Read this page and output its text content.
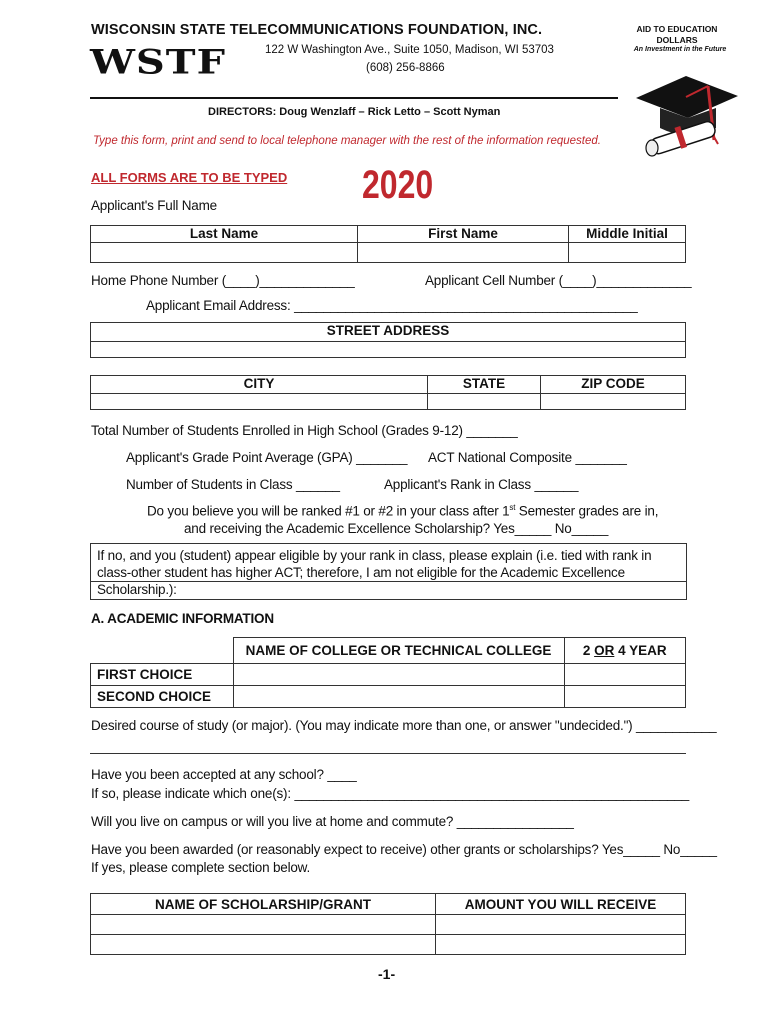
WISCONSIN STATE TELECOMMUNICATIONS FOUNDATION, INC.
WSTF	122 W Washington Ave., Suite 1050, Madison, WI 53703
(608) 256-8866
DIRECTORS: Doug Wenzlaff – Rick Letto – Scott Nyman
Type this form, print and send to local telephone manager with the rest of the information requested.
AID TO EDUCATION
DOLLARS
An Investment in the Future
ALL FORMS ARE TO BE TYPED 2020
Applicant's Full Name
Last Name	First Name	Middle Initial

Home Phone Number (____)_____________	Applicant Cell Number (____)_____________
Applicant Email Address: _______________________________________________
STREET ADDRESS

CITY	STATE	ZIP CODE

Total Number of Students Enrolled in High School (Grades 9-12) _______
Applicant's Grade Point Average (GPA) _______ ACT National Composite _______
Number of Students in Class ______	Applicant's Rank in Class ______
Do you believe you will be ranked #1 or #2 in your class after 1st Semester grades are in,
and receiving the Academic Excellence Scholarship? Yes_____ No_____
If no, and you (student) appear eligible by your rank in class, please explain (i.e. tied with rank in class-other student has higher ACT; therefore, I am not eligible for the Academic Excellence Scholarship.):
A. ACADEMIC INFORMATION
	NAME OF COLLEGE OR TECHNICAL COLLEGE	2 OR 4 YEAR
FIRST CHOICE		
SECOND CHOICE		
Desired course of study (or major). (You may indicate more than one, or answer "undecided.") ___________
Have you been accepted at any school? ____
If so, please indicate which one(s): ______________________________________________________
Will you live on campus or will you live at home and commute? ________________
Have you been awarded (or reasonably expect to receive) other grants or scholarships? Yes_____ No_____
If yes, please complete section below.
NAME OF SCHOLARSHIP/GRANT	AMOUNT YOU WILL RECEIVE

-1-
